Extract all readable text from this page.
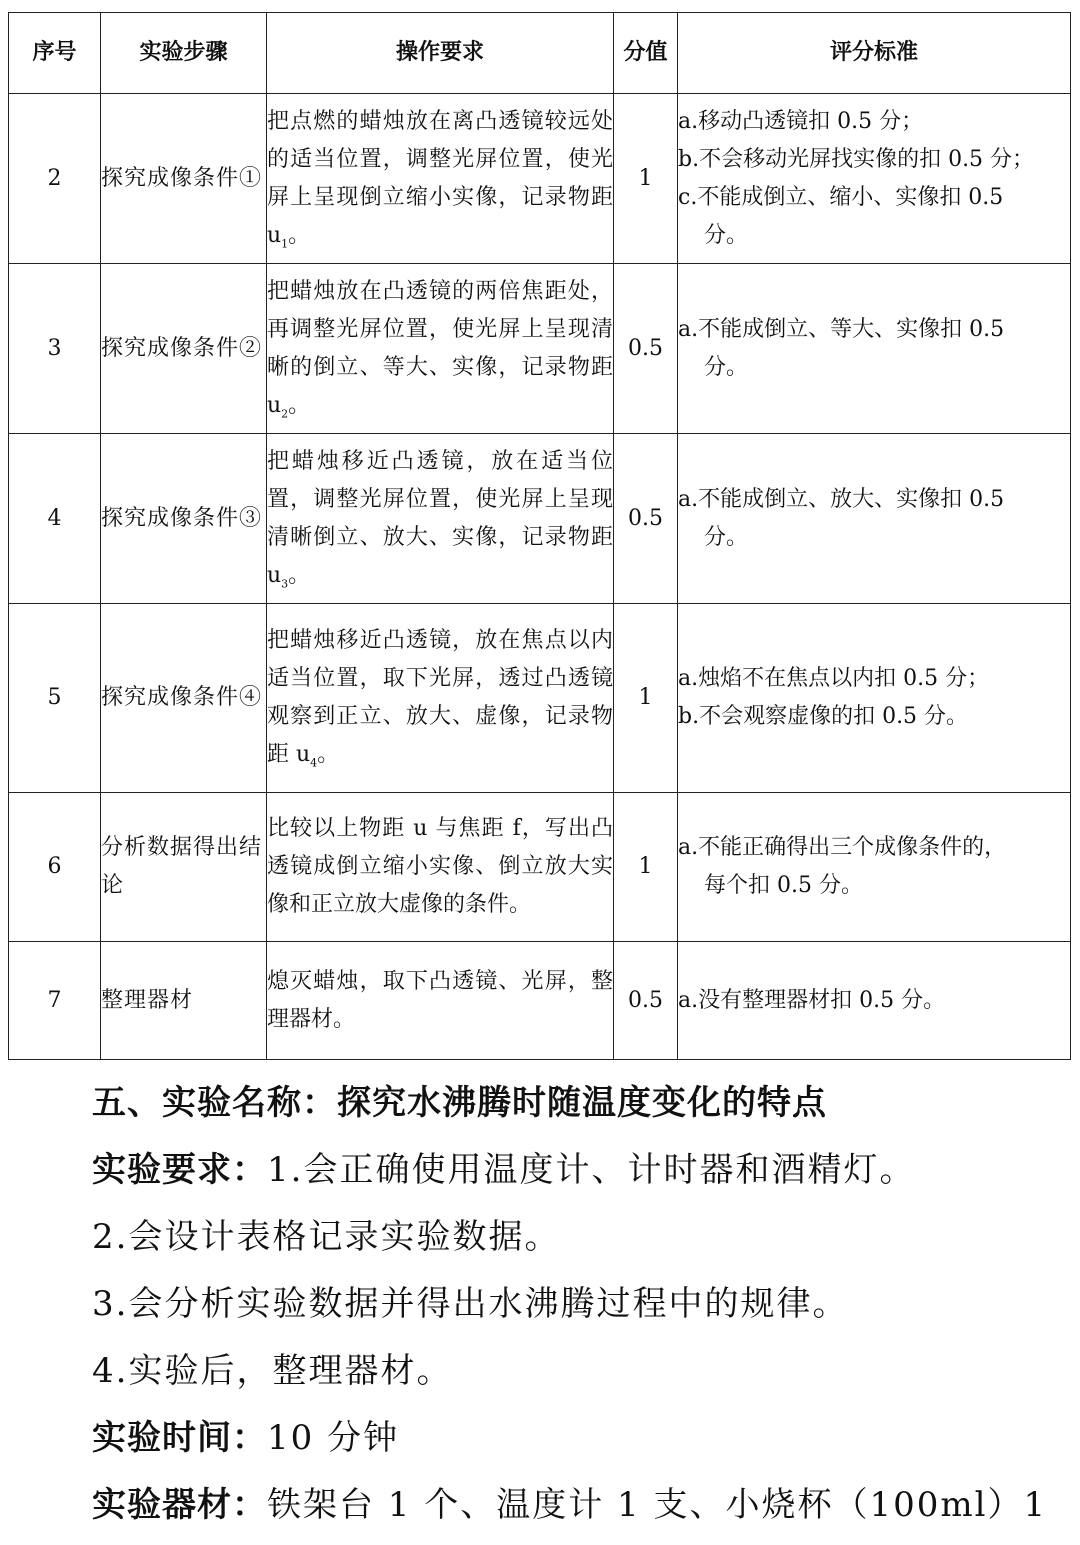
序号	实验步骤	操作要求	分值	评分标准
2	探究成像条件①	把点燃的蜡烛放在离凸透镜较远处的适当位置，调整光屏位置，使光屏上呈现倒立缩小实像，记录物距 $u_1$。	1	a.移动凸透镜扣 0.5 分；
b.不会移动光屏找实像的扣 0.5 分；
c.不能成倒立、缩小、实像扣 0.5
分。

3	探究成像条件②	把蜡烛放在凸透镜的两倍焦距处，再调整光屏位置，使光屏上呈现清晰的倒立、等大、实像，记录物距 $u_2$。	0.5	a.不能成倒立、等大、实像扣 0.5
分。

4	探究成像条件③	把蜡烛移近凸透镜，放在适当位置，调整光屏位置，使光屏上呈现清晰倒立、放大、实像，记录物距 $u_3$。	0.5	a.不能成倒立、放大、实像扣 0.5
分。

5	探究成像条件④	把蜡烛移近凸透镜，放在焦点以内适当位置，取下光屏，透过凸透镜观察到正立、放大、虚像，记录物距 $u_4$。	1	a.烛焰不在焦点以内扣 0.5 分；
b.不会观察虚像的扣 0.5 分。

6	分析数据得出结论	比较以上物距 u 与焦距 f，写出凸透镜成倒立缩小实像、倒立放大实像和正立放大虚像的条件。	1	a.不能正确得出三个成像条件的，
每个扣 0.5 分。

7	整理器材	熄灭蜡烛，取下凸透镜、光屏，整理器材。	0.5	a.没有整理器材扣 0.5 分。
五、实验名称：探究水沸腾时随温度变化的特点
实验要求：1.会正确使用温度计、计时器和酒精灯。
2.会设计表格记录实验数据。
3.会分析实验数据并得出水沸腾过程中的规律。
4.实验后，整理器材。
实验时间：10 分钟
实验器材：铁架台 1 个、温度计 1 支、小烧杯（100ml）1
